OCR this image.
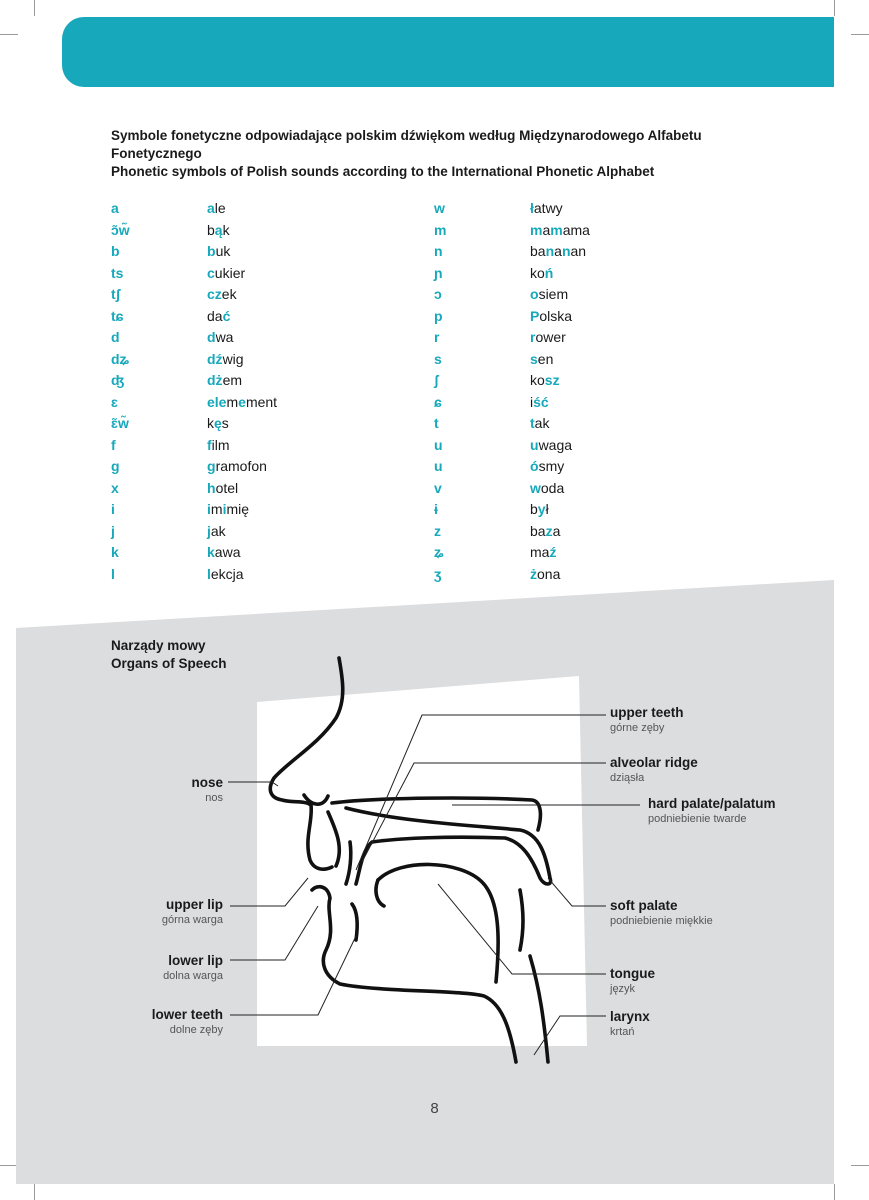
Symbole fonetyczne odpowiadające polskim dźwiękom według Międzynarodowego Alfabetu
Fonetycznego
Phonetic symbols of Polish sounds according to the International Phonetic Alphabet
a
ɔ̃w̃
b
ts
tʃ
tɕ
d
dʑ
ʤ
ɛ
ɛ̃w̃
f
g
x
i
j
k
l
ale
bąk
buk
cukier
czek
dać
dwa
dźwig
dżem
elemement
kęs
film
gramofon
hotel
imimię
jak
kawa
lekcja
w
m
n
ɲ
ɔ
p
r
s
ʃ
ɕ
t
u
u
v
ɨ
z
ʑ
ʒ
łatwy
mamama
bananan
koń
osiem
Polska
rower
sen
kosz
iść
tak
uwaga
ósmy
woda
był
baza
maź
żona
Narządy mowy
Organs of Speech
nose
nos
upper lip
górna warga
lower lip
dolna warga
lower teeth
dolne zęby
upper teeth
górne zęby
alveolar ridge
dziąsła
hard palate/palatum
podniebienie twarde
soft palate
podniebienie miękkie
tongue
język
larynx
krtań
8
